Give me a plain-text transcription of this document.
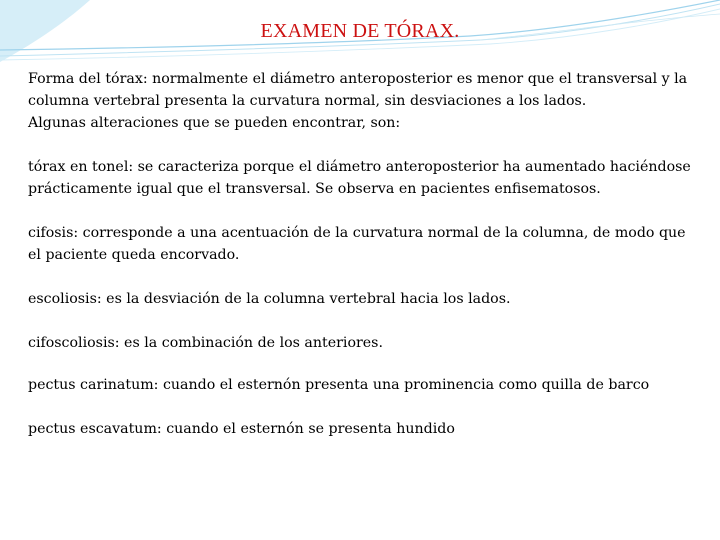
EXAMEN DE TÓRAX.

Forma del tórax: normalmente el diámetro anteroposterior es menor que el transversal y la columna vertebral presenta la curvatura normal, sin desviaciones a los lados.

Algunas alteraciones que se pueden encontrar, son:

tórax en tonel: se caracteriza porque el diámetro anteroposterior ha aumentado haciéndose prácticamente igual que el transversal. Se observa en pacientes enfisematosos.

cifosis: corresponde a una acentuación de la curvatura normal de la columna, de modo que el paciente queda encorvado.

escoliosis: es la desviación de la columna vertebral hacia los lados.

cifoscoliosis: es la combinación de los anteriores.

pectus carinatum: cuando el esternón presenta una prominencia como quilla de barco

pectus escavatum: cuando el esternón se presenta hundido
